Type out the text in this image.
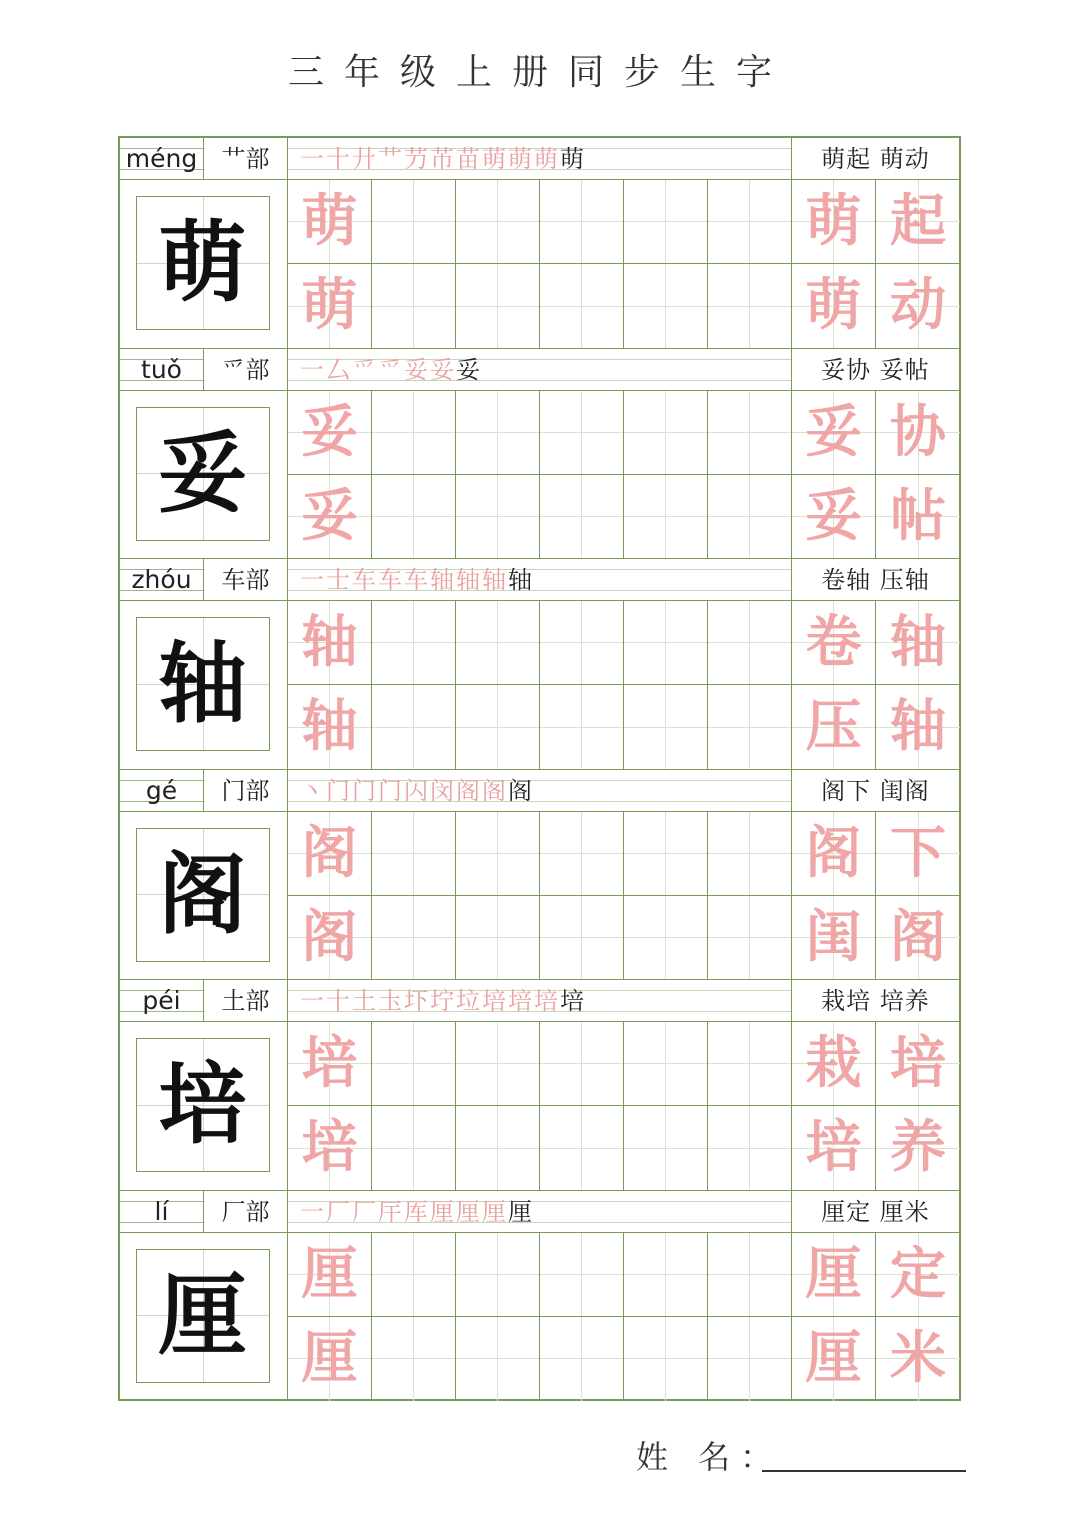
三年级上册同步生字
méng	艹部	一十廾艹芀芇苗萌萌萌萌	萌起 萌动
萌 萌	萌 起
萌	萌 动
tuǒ	爫部	一厶爫爫妥妥妥	妥协 妥帖
妥 妥	妥 协
妥	妥 帖
zhóu	车部	一士车车车轴轴轴轴	卷轴 压轴
轴 轴	卷 轴
轴	压 轴
gé	门部	丶门门门闪闵阁阁阁	阁下 闺阁
阁 阁	阁 下
阁	闺 阁
péi	土部	一十土圡圷坾垃培培培培	栽培 培养
培 培	栽 培
培	培 养
lí	厂部	一厂厂厈厍厘厘厘厘	厘定 厘米
厘 厘	厘 定
厘	厘 米
姓 名：
